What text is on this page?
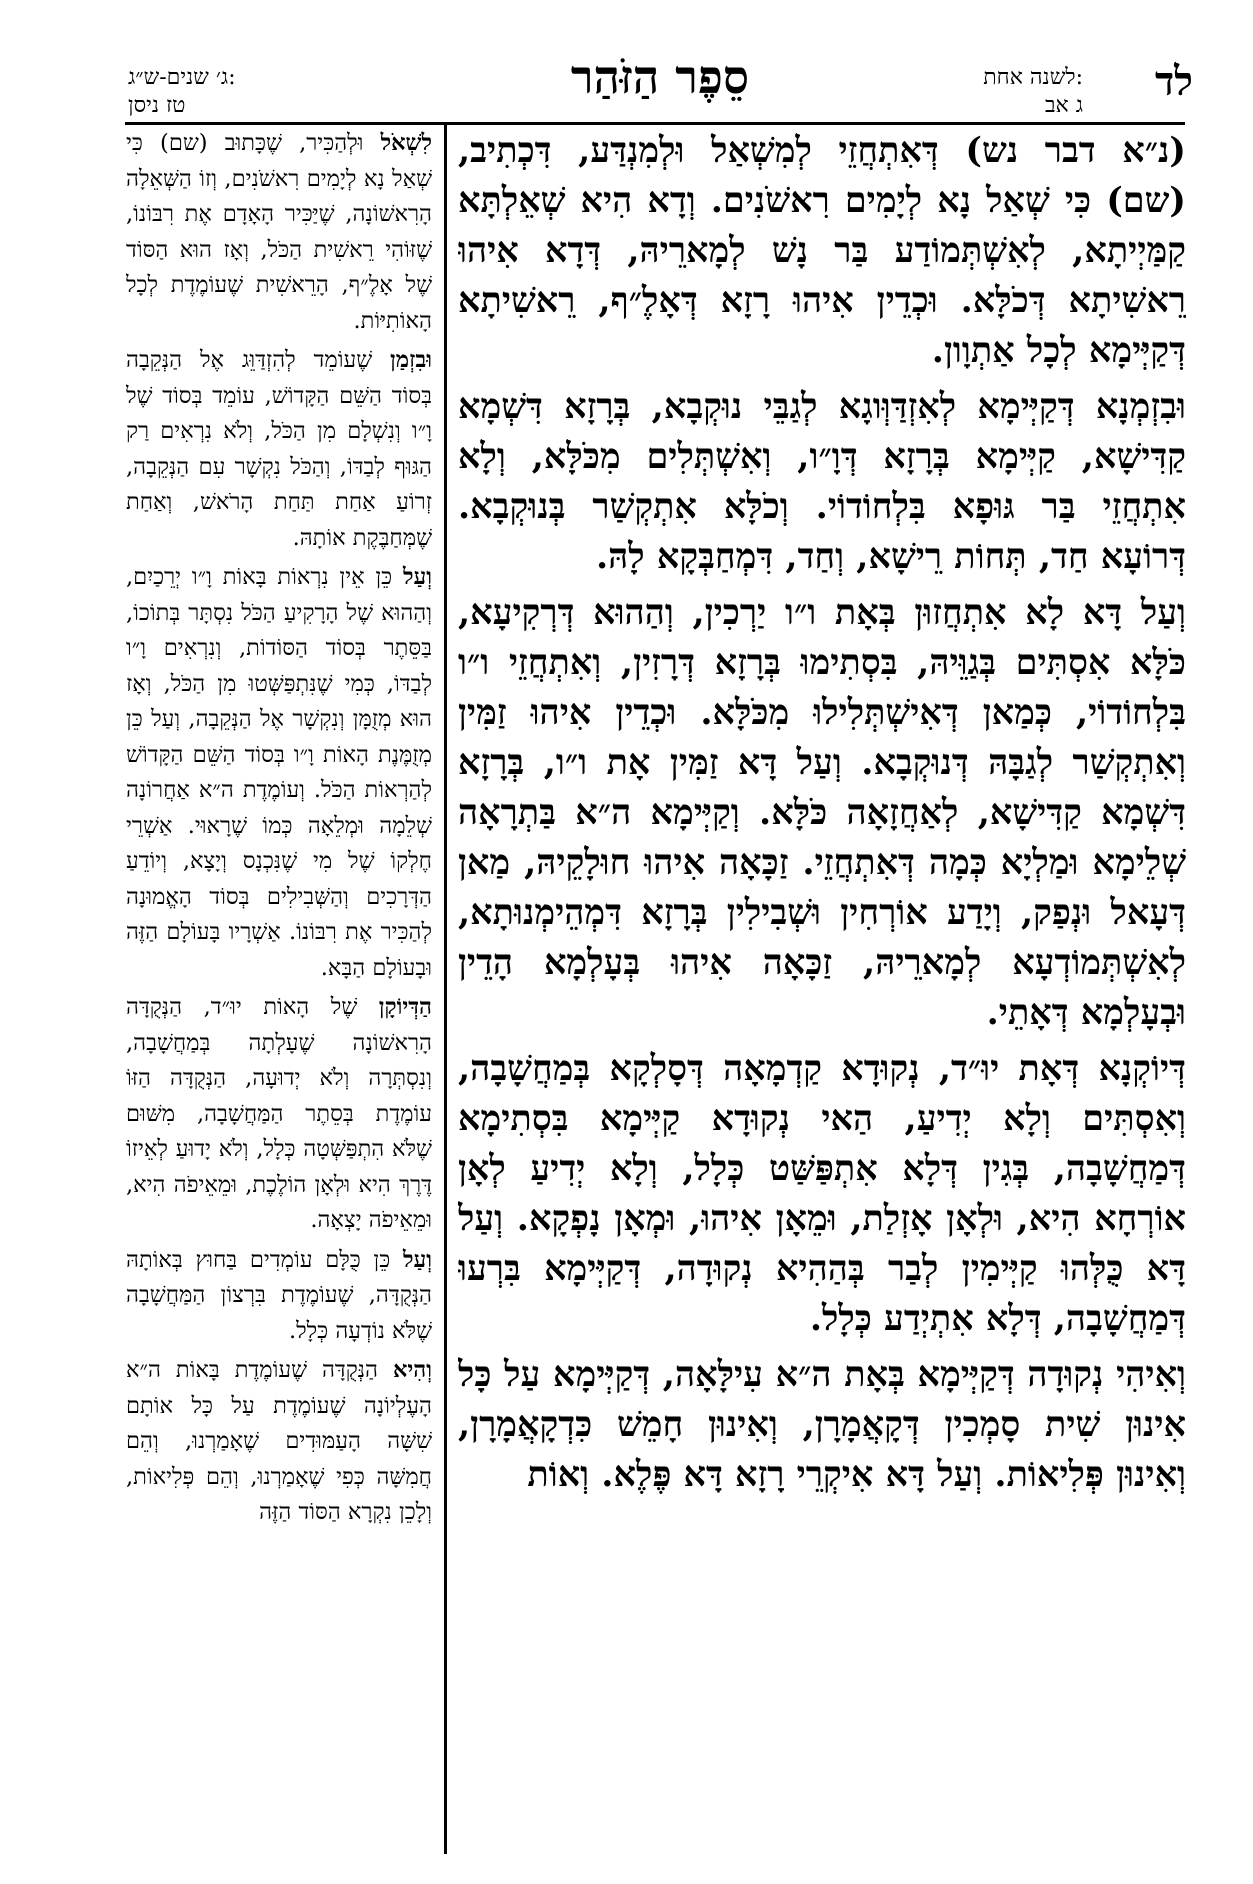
לד
לשנה אחת:
ג אב
סֵפֶר הַזֹּהַר
ג׳ שנים-ש״ג:
טז ניסן

(נ״א דבר נש) דְּאִתְחֲזֵי לְמִשְׁאַל וּלְמִנְדַּע, דִּכְתִיב, (שם) כִּי שְׁאַל נָא לְיָמִים רִאשֹׁנִים. וְדָא הִיא שְׁאֵלְתָּא קַמַּיְיתָא, לְאִשְׁתְּמוֹדַע בַּר נָשׁ לְמָארֵיהּ, דְּדָא אִיהוּ רֵאשִׁיתָא דְּכֹלָּא. וּכְדֵין אִיהוּ רָזָא דְּאָלֶ״ף, רֵאשִׁיתָא דְּקַיְּימָא לְכָל אַתְוָון.

וּבִזְמְנָא דְּקַיְּימָא לְאִזְדַּוְּוגָא לְגַבֵּי נוּקְבָא, בְּרָזָא דִּשְׁמָא קַדִּישָׁא, קַיְּימָא בְּרָזָא דְּוָ״ו, וְאִשְׁתְּלִים מִכֹּלָּא, וְלָא אִתְחֲזֵי בַּר גּוּפָא בִּלְחוֹדוֹי. וְכֹלָּא אִתְקְשַׁר בְּנוּקְבָא. דְּרוֹעָא חַד, תְּחוֹת רֵישָׁא, וְחַד, דִּמְחַבְּקָא לָהּ.

וְעַל דָּא לָא אִתְחֲזוּן בְּאָת ו״ו יַרְכִין, וְהַהוּא דְּרְקִיעָא, כֹּלָּא אִסְתִּים בְּגַוֵּיהּ, בִּסְתִימוּ בְּרָזָא דְּרָזִין, וְאִתְחֲזֵי ו״ו בִּלְחוֹדוֹי, כְּמַאן דְּאִישְׁתְּלִילוּ מִכֹּלָּא. וּכְדֵין אִיהוּ זַמִּין וְאִתְקְשַׁר לְגַבָּהּ דְּנוּקְבָא. וְעַל דָּא זַמִּין אָת ו״ו, בְּרָזָא דִּשְׁמָא קַדִּישָׁא, לְאַחֲזָאָה כֹּלָּא. וְקַיְּימָא ה״א בַּתְרָאָה שְׁלֵימָא וּמַלְיָא כְּמָה דְּאִתְחֲזֵי. זַכָּאָה אִיהוּ חוּלָקֵיהּ, מַאן דְּעָאל וּנְפַק, וְיָדַע אוֹרְחִין וּשְׁבִילִין בְּרָזָא דִּמְהֵימְנוּתָא, לְאִשְׁתְּמוֹדְעָא לְמָארֵיהּ, זַכָּאָה אִיהוּ בְּעָלְמָא הָדֵין וּבְעָלְמָא דְּאָתֵי.

דְּיוֹקְנָא דְּאָת יוּ״ד, נְקוּדָא קַדְמָאָה דְּסָלְקָא בְּמַחֲשָׁבָה, וְאִסְתִּים וְלָא יְדִיעַ, הַאי נְקוּדָא קַיְּימָא בִּסְתִימָא דְּמַחֲשָׁבָה, בְּגִין דְּלָא אִתְפַּשַּׁט כְּלָל, וְלָא יְדִיעַ לְאָן אוֹרְחָא הִיא, וּלְאָן אָזְלַת, וּמֵאָן אִיהוּ, וּמְאָן נָפְקָא. וְעַל דָּא כֻּלְּהוּ קַיְּימִין לְבַר בְּהַהִיא נְקוּדָה, דְּקַיְּימָא בִּרְעוּ דְּמַחֲשָׁבָה, דְּלָא אִתְיְדַע כְּלָל.

וְאִיהִי נְקוּדָה דְּקַיְּימָא בְּאָת ה״א עִילָּאָה, דְּקַיְּימָא עַל כָּל אִינוּן שִׁית סָמְכִין דְּקָאֲמָרָן, וְאִינוּן חָמֵשׁ כִּדְקָאֲמָרָן, וְאִינוּן פְּלִיאוֹת. וְעַל דָּא אִיקְרֵי רָזָא דָּא פֶּלֶא. וְאוֹת

לִשְׁאֹל וּלְהַכִּיר, שֶׁכָּתוּב (שם) כִּי שְׁאַל נָא לְיָמִים רִאשֹׁנִים, וְזוֹ הַשְּׁאֵלָה הָרִאשׁוֹנָה, שֶׁיַּכִּיר הָאָדָם אֶת רִבּוֹנוֹ, שֶׁזּוֹהִי רֵאשִׁית הַכֹּל, וְאָז הוּא הַסּוֹד שֶׁל אָלֶ״ף, הָרֵאשִׁית שֶׁעוֹמֶדֶת לְכָל הָאוֹתִיּוֹת.

וּבִזְמַן שֶׁעוֹמֵד לְהִזְדַּוֵּג אֶל הַנְּקֵבָה בְּסוֹד הַשֵּׁם הַקָּדוֹשׁ, עוֹמֵד בְּסוֹד שֶׁל וָ״ו וְנִשְׁלָם מִן הַכֹּל, וְלֹא נִרְאִים רַק הַגּוּף לְבַדּוֹ, וְהַכֹּל נִקְשָׁר עִם הַנְּקֵבָה, זְרוֹעַ אַחַת תַּחַת הָרֹאשׁ, וְאַחַת שֶׁמְּחַבֶּקֶת אוֹתָהּ.

וְעַל כֵּן אֵין נִרְאוֹת בָּאוֹת וָ״ו יְרֵכַיִם, וְהַהוּא שֶׁל הָרָקִיעַ הַכֹּל נִסְתָּר בְּתוֹכוֹ, בַּסֵּתֶר בְּסוֹד הַסּוֹדוֹת, וְנִרְאִים וָ״ו לְבַדּוֹ, כְּמִי שֶׁנִּתְפַּשְּׁטוּ מִן הַכֹּל, וְאָז הוּא מְזֻמָּן וְנִקְשָׁר אֶל הַנְּקֵבָה, וְעַל כֵּן מְזֻמֶּנֶת הָאוֹת וָ״ו בְּסוֹד הַשֵּׁם הַקָּדוֹשׁ לְהַרְאוֹת הַכֹּל. וְעוֹמֶדֶת ה״א אַחֲרוֹנָה שְׁלֵמָה וּמְלֵאָה כְּמוֹ שֶׁרָאוּי. אַשְׁרֵי חֶלְקוֹ שֶׁל מִי שֶׁנִּכְנָס וְיָצָא, וְיוֹדֵעַ הַדְּרָכִים וְהַשְּׁבִילִים בְּסוֹד הָאֱמוּנָה לְהַכִּיר אֶת רִבּוֹנוֹ. אַשְׁרָיו בָּעוֹלָם הַזֶּה וּבָעוֹלָם הַבָּא.

הַדְּיוֹקָן שֶׁל הָאוֹת יוּ״ד, הַנְּקֻדָּה הָרִאשׁוֹנָה שֶׁעָלְתָה בְּמַחֲשָׁבָה, וְנִסְתְּרָה וְלֹא יְדוּעָה, הַנְּקֻדָּה הַזּוֹ עוֹמֶדֶת בְּסֵתֶר הַמַּחֲשָׁבָה, מִשּׁוּם שֶׁלֹּא הִתְפַּשְּׁטָה כְּלָל, וְלֹא יָדוּעַ לְאֵיזוֹ דֶּרֶךְ הִיא וּלְאָן הוֹלֶכֶת, וּמֵאֵיפֹה הִיא, וּמֵאֵיפֹה יָצְאָה.

וְעַל כֵּן כֻּלָּם עוֹמְדִים בַּחוּץ בְּאוֹתָהּ הַנְּקֻדָּה, שֶׁעוֹמֶדֶת בִּרְצוֹן הַמַּחֲשָׁבָה שֶׁלֹּא נוֹדְעָה כְּלָל.

וְהִיא הַנְּקֻדָּה שֶׁעוֹמֶדֶת בָּאוֹת ה״א הָעֶלְיוֹנָה שֶׁעוֹמֶדֶת עַל כָּל אוֹתָם שִׁשָּׁה הָעַמּוּדִים שֶׁאָמַרְנוּ, וְהֵם חֲמִשָּׁה כְּפִי שֶׁאָמַרְנוּ, וְהֵם פְּלִיאוֹת, וְלָכֵן נִקְרָא הַסּוֹד הַזֶּה
